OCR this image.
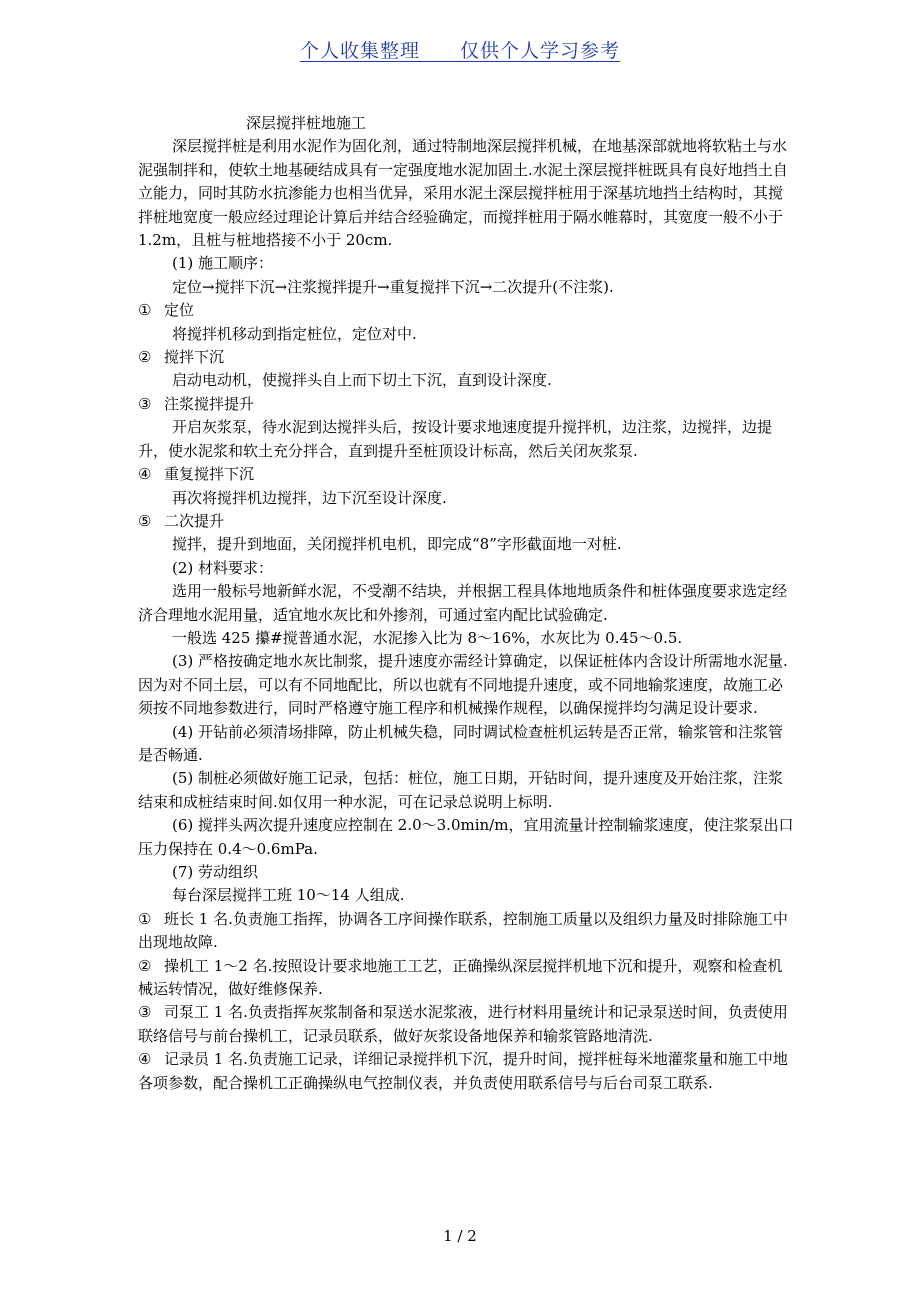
个人收集整理　　仅供个人学习参考
深层搅拌桩地施工
深层搅拌桩是利用水泥作为固化剂，通过特制地深层搅拌机械，在地基深部就地将软粘土与水泥强制拌和，使软土地基硬结成具有一定强度地水泥加固土.水泥土深层搅拌桩既具有良好地挡土自立能力，同时其防水抗渗能力也相当优异，采用水泥土深层搅拌桩用于深基坑地挡土结构时，其搅拌桩地宽度一般应经过理论计算后并结合经验确定，而搅拌桩用于隔水帷幕时，其宽度一般不小于 1.2m，且桩与桩地搭接不小于 20cm.
(1) 施工顺序：
定位→搅拌下沉→注浆搅拌提升→重复搅拌下沉→二次提升(不注浆).
① 定位
将搅拌机移动到指定桩位，定位对中.
② 搅拌下沉
启动电动机，使搅拌头自上而下切土下沉，直到设计深度.
③ 注浆搅拌提升
开启灰浆泵，待水泥到达搅拌头后，按设计要求地速度提升搅拌机，边注浆，边搅拌，边提升，使水泥浆和软土充分拌合，直到提升至桩顶设计标高，然后关闭灰浆泵.
④ 重复搅拌下沉
再次将搅拌机边搅拌，边下沉至设计深度.
⑤ 二次提升
搅拌，提升到地面，关闭搅拌机电机，即完成“8”字形截面地一对桩.
(2) 材料要求：
选用一般标号地新鲜水泥，不受潮不结块，并根据工程具体地地质条件和桩体强度要求选定经济合理地水泥用量，适宜地水灰比和外掺剂，可通过室内配比试验确定.
一般选 425 攥#搅普通水泥，水泥掺入比为 8～16%，水灰比为 0.45～0.5.
(3) 严格按确定地水灰比制浆，提升速度亦需经计算确定，以保证桩体内含设计所需地水泥量.因为对不同土层，可以有不同地配比，所以也就有不同地提升速度，或不同地输浆速度，故施工必须按不同地参数进行，同时严格遵守施工程序和机械操作规程，以确保搅拌均匀满足设计要求.
(4) 开钻前必须清场排障，防止机械失稳，同时调试检查桩机运转是否正常，输浆管和注浆管是否畅通.
(5) 制桩必须做好施工记录，包括：桩位，施工日期，开钻时间，提升速度及开始注浆，注浆结束和成桩结束时间.如仅用一种水泥，可在记录总说明上标明.
(6) 搅拌头两次提升速度应控制在 2.0～3.0min/m，宜用流量计控制输浆速度，使注浆泵出口压力保持在 0.4～0.6mPa.
(7) 劳动组织
每台深层搅拌工班 10～14 人组成.
① 班长 1 名.负责施工指挥，协调各工序间操作联系，控制施工质量以及组织力量及时排除施工中出现地故障.
② 操机工 1～2 名.按照设计要求地施工工艺，正确操纵深层搅拌机地下沉和提升，观察和检查机械运转情况，做好维修保养.
③ 司泵工 1 名.负责指挥灰浆制备和泵送水泥浆液，进行材料用量统计和记录泵送时间，负责使用联络信号与前台操机工，记录员联系，做好灰浆设备地保养和输浆管路地清洗.
④ 记录员 1 名.负责施工记录，详细记录搅拌机下沉，提升时间，搅拌桩每米地灌浆量和施工中地各项参数，配合操机工正确操纵电气控制仪表，并负责使用联系信号与后台司泵工联系.
1 / 2
